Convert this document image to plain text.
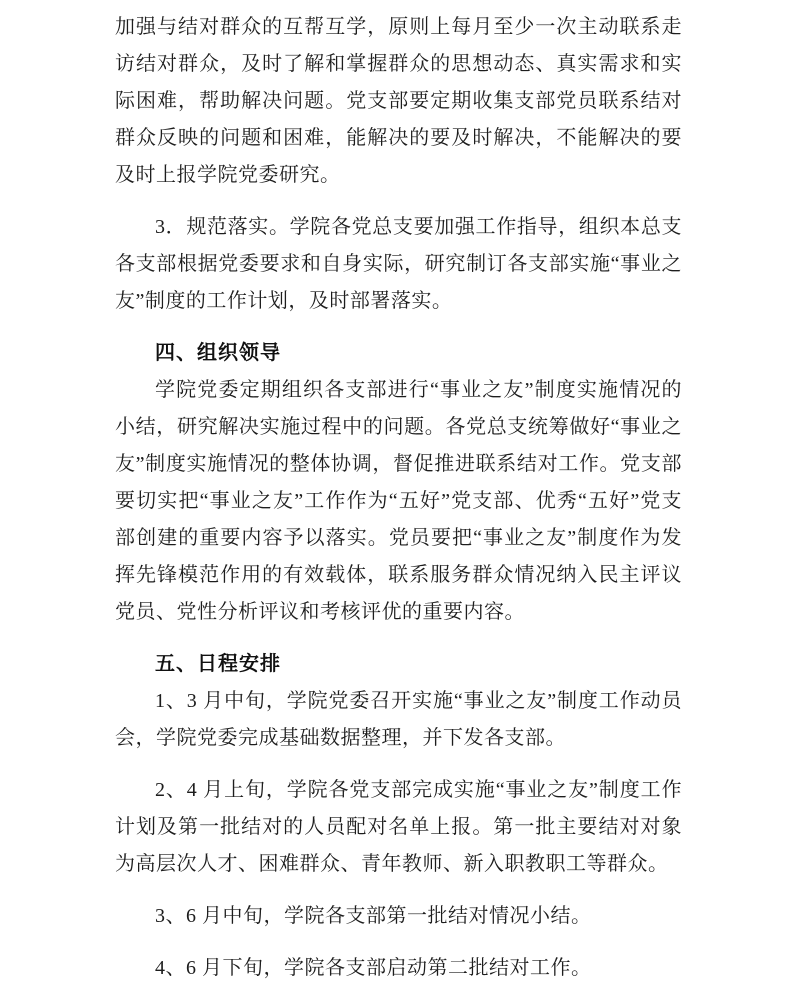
加强与结对群众的互帮互学，原则上每月至少一次主动联系走访结对群众，及时了解和掌握群众的思想动态、真实需求和实际困难，帮助解决问题。党支部要定期收集支部党员联系结对群众反映的问题和困难，能解决的要及时解决，不能解决的要及时上报学院党委研究。

3．规范落实。学院各党总支要加强工作指导，组织本总支各支部根据党委要求和自身实际，研究制订各支部实施“事业之友”制度的工作计划，及时部署落实。

四、组织领导

学院党委定期组织各支部进行“事业之友”制度实施情况的小结，研究解决实施过程中的问题。各党总支统筹做好“事业之友”制度实施情况的整体协调，督促推进联系结对工作。党支部要切实把“事业之友”工作作为“五好”党支部、优秀“五好”党支部创建的重要内容予以落实。党员要把“事业之友”制度作为发挥先锋模范作用的有效载体，联系服务群众情况纳入民主评议党员、党性分析评议和考核评优的重要内容。

五、日程安排

1、3 月中旬，学院党委召开实施“事业之友”制度工作动员会，学院党委完成基础数据整理，并下发各支部。

2、4 月上旬，学院各党支部完成实施“事业之友”制度工作计划及第一批结对的人员配对名单上报。第一批主要结对对象为高层次人才、困难群众、青年教师、新入职教职工等群众。

3、6 月中旬，学院各支部第一批结对情况小结。

4、6 月下旬，学院各支部启动第二批结对工作。
